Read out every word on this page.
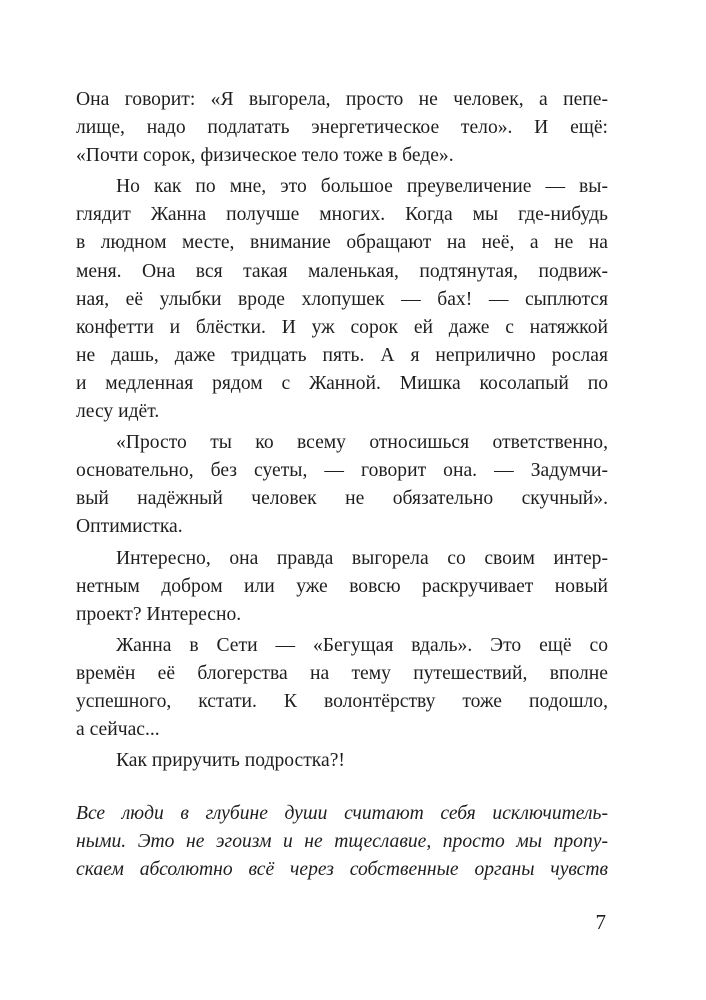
Она говорит: «Я выгорела, просто не человек, а пепе-
лище, надо подлатать энергетическое тело». И ещё:
«Почти сорок, физическое тело тоже в беде».
Но как по мне, это большое преувеличение — вы-
глядит Жанна получше многих. Когда мы где-нибудь
в людном месте, внимание обращают на неё, а не на
меня. Она вся такая маленькая, подтянутая, подвиж-
ная, её улыбки вроде хлопушек — бах! — сыплются
конфетти и блёстки. И уж сорок ей даже с натяжкой
не дашь, даже тридцать пять. А я неприлично рослая
и медленная рядом с Жанной. Мишка косолапый по
лесу идёт.
«Просто ты ко всему относишься ответственно,
основательно, без суеты, — говорит она. — Задумчи-
вый надёжный человек не обязательно скучный».
Оптимистка.
Интересно, она правда выгорела со своим интер-
нетным добром или уже вовсю раскручивает новый
проект? Интересно.
Жанна в Сети — «Бегущая вдаль». Это ещё со
времён её блогерства на тему путешествий, вполне
успешного, кстати. К волонтёрству тоже подошло,
а сейчас...
Как приручить подростка?!
Все люди в глубине души считают себя исключитель-
ными. Это не эгоизм и не тщеславие, просто мы пропу-
скаем абсолютно всё через собственные органы чувств
7
